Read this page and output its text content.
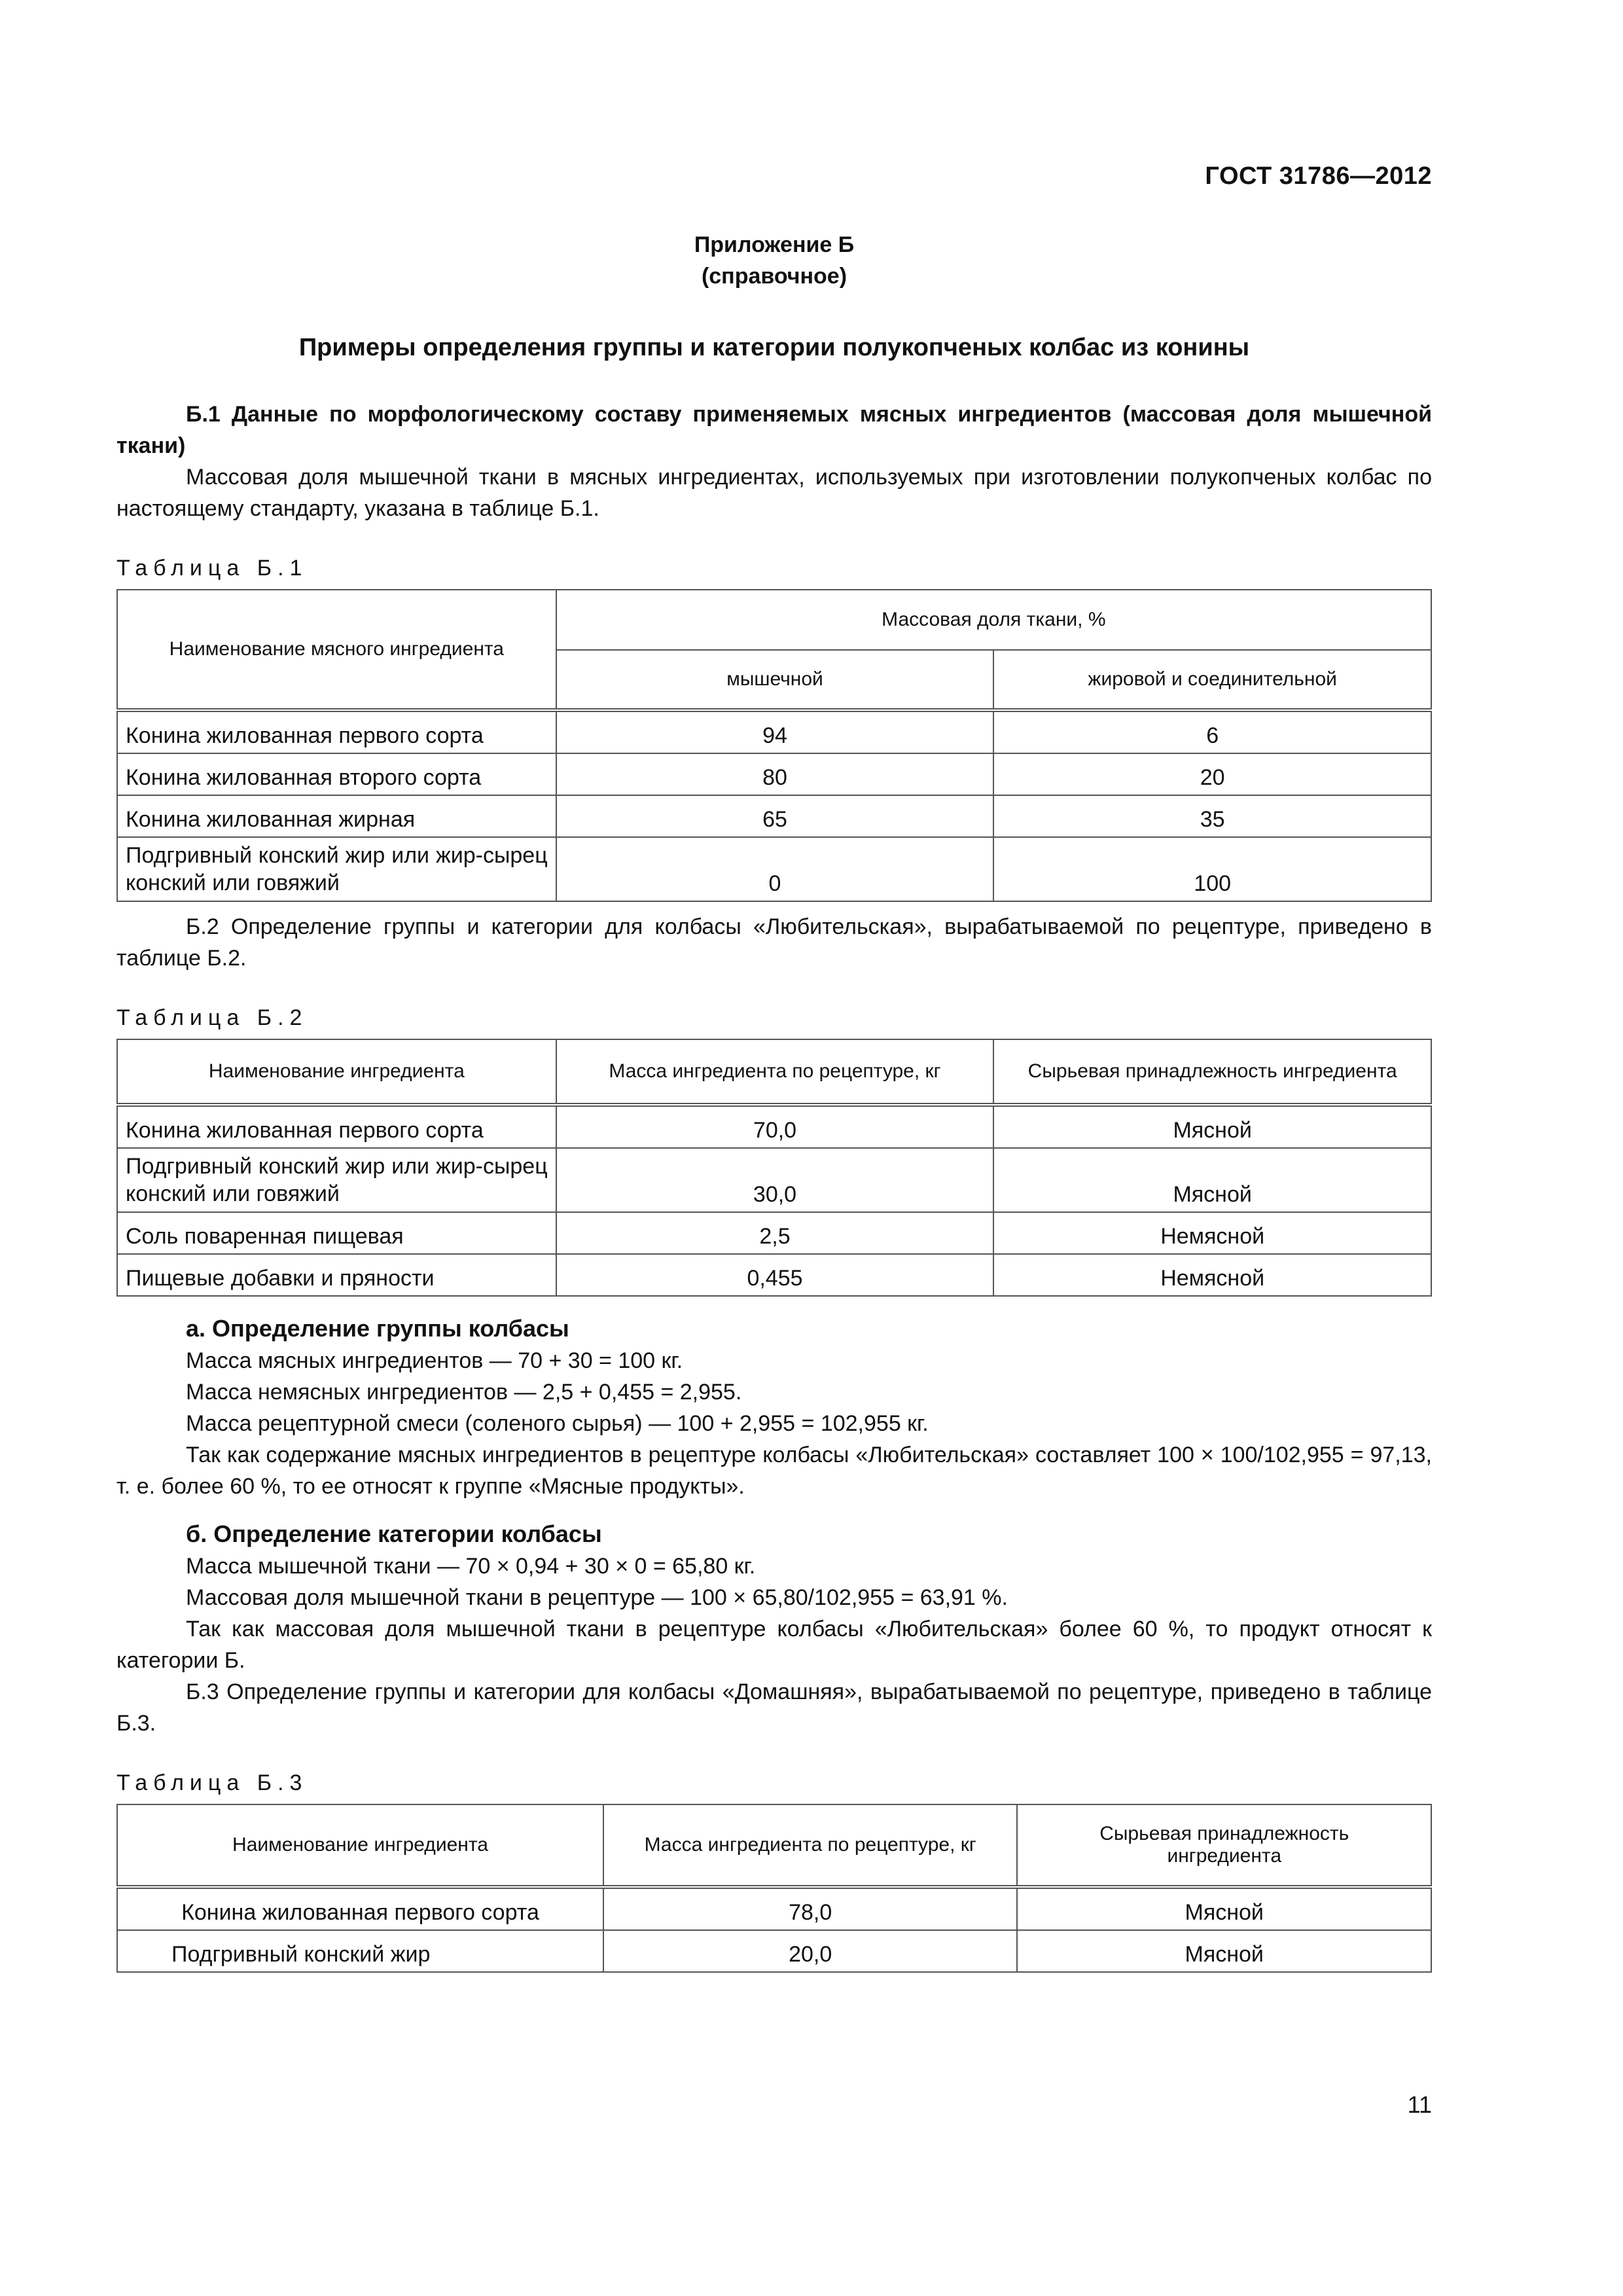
ГОСТ 31786—2012
Приложение Б
(справочное)
Примеры определения группы и категории полукопченых колбас из конины
Б.1 Данные по морфологическому составу применяемых мясных ингредиентов (массовая доля мышечной ткани)

Массовая доля мышечной ткани в мясных ингредиентах, используемых при изготовлении полукопченых колбас по настоящему стандарту, указана в таблице Б.1.

Таблица Б.1
Наименование мясного ингредиента	Массовая доля ткани, %	
	мышечной	жировой и соединительной
Конина жилованная первого сорта	94	6
Конина жилованная второго сорта	80	20
Конина жилованная жирная	65	35
Подгривный конский жир или жир-сырец конский или говяжий	0	100

Б.2 Определение группы и категории для колбасы «Любительская», вырабатываемой по рецептуре, приведено в таблице Б.2.

Таблица Б.2
Наименование ингредиента	Масса ингредиента по рецептуре, кг	Сырьевая принадлежность ингредиента
Конина жилованная первого сорта	70,0	Мясной
Подгривный конский жир или жир-сырец конский или говяжий	30,0	Мясной
Соль поваренная пищевая	2,5	Немясной
Пищевые добавки и пряности	0,455	Немясной
а. Определение группы колбасы

Масса мясных ингредиентов — 70 + 30 = 100 кг.

Масса немясных ингредиентов — 2,5 + 0,455 = 2,955.

Масса рецептурной смеси (соленого сырья) — 100 + 2,955 = 102,955 кг.

Так как содержание мясных ингредиентов в рецептуре колбасы «Любительская» составляет 100 × 100/102,955 = 97,13, т. е. более 60 %, то ее относят к группе «Мясные продукты».

б. Определение категории колбасы

Масса мышечной ткани — 70 × 0,94 + 30 × 0 = 65,80 кг.

Массовая доля мышечной ткани в рецептуре — 100 × 65,80/102,955 = 63,91 %.

Так как массовая доля мышечной ткани в рецептуре колбасы «Любительская» более 60 %, то продукт относят к категории Б.

Б.3 Определение группы и категории для колбасы «Домашняя», вырабатываемой по рецептуре, приведено в таблице Б.3.

Таблица Б.3
Наименование ингредиента	Масса ингредиента по рецептуре, кг	Сырьевая принадлежность ингредиента
Конина жилованная первого сорта	78,0	Мясной
Подгривный конский жир	20,0	Мясной
11
